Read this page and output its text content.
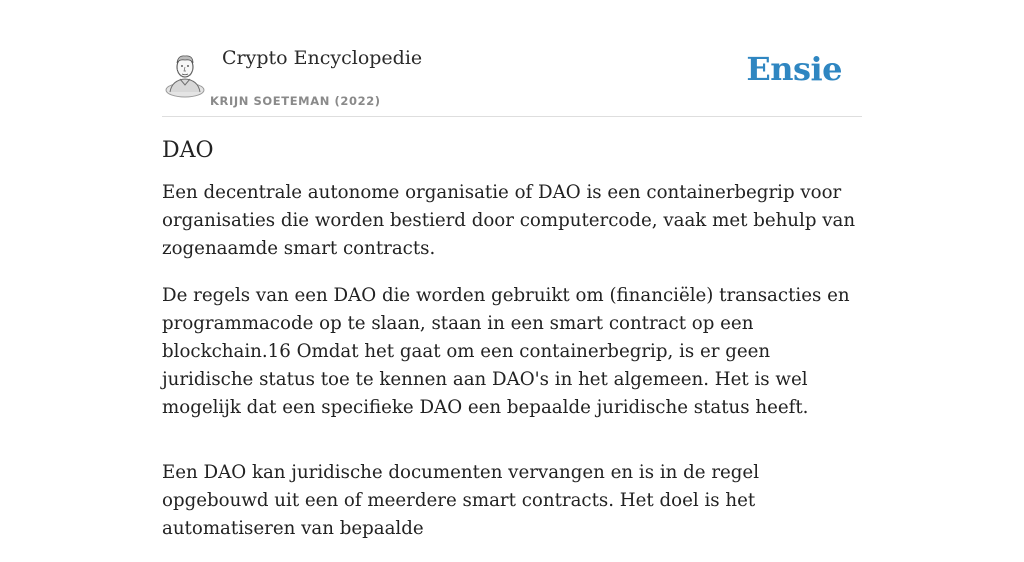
Crypto Encyclopedie
KRIJN SOETEMAN (2022)
Ensie
DAO

Een decentrale autonome organisatie of DAO is een containerbegrip voor organisaties die worden bestierd door computercode, vaak met behulp van zogenaamde smart contracts.

De regels van een DAO die worden gebruikt om (financiële) transacties en programmacode op te slaan, staan in een smart contract op een blockchain.16 Omdat het gaat om een containerbegrip, is er geen juridische status toe te kennen aan DAO's in het algemeen. Het is wel mogelijk dat een specifieke DAO een bepaalde juridische status heeft.

Een DAO kan juridische documenten vervangen en is in de regel opgebouwd uit een of meerdere smart contracts. Het doel is het automatiseren van bepaalde
